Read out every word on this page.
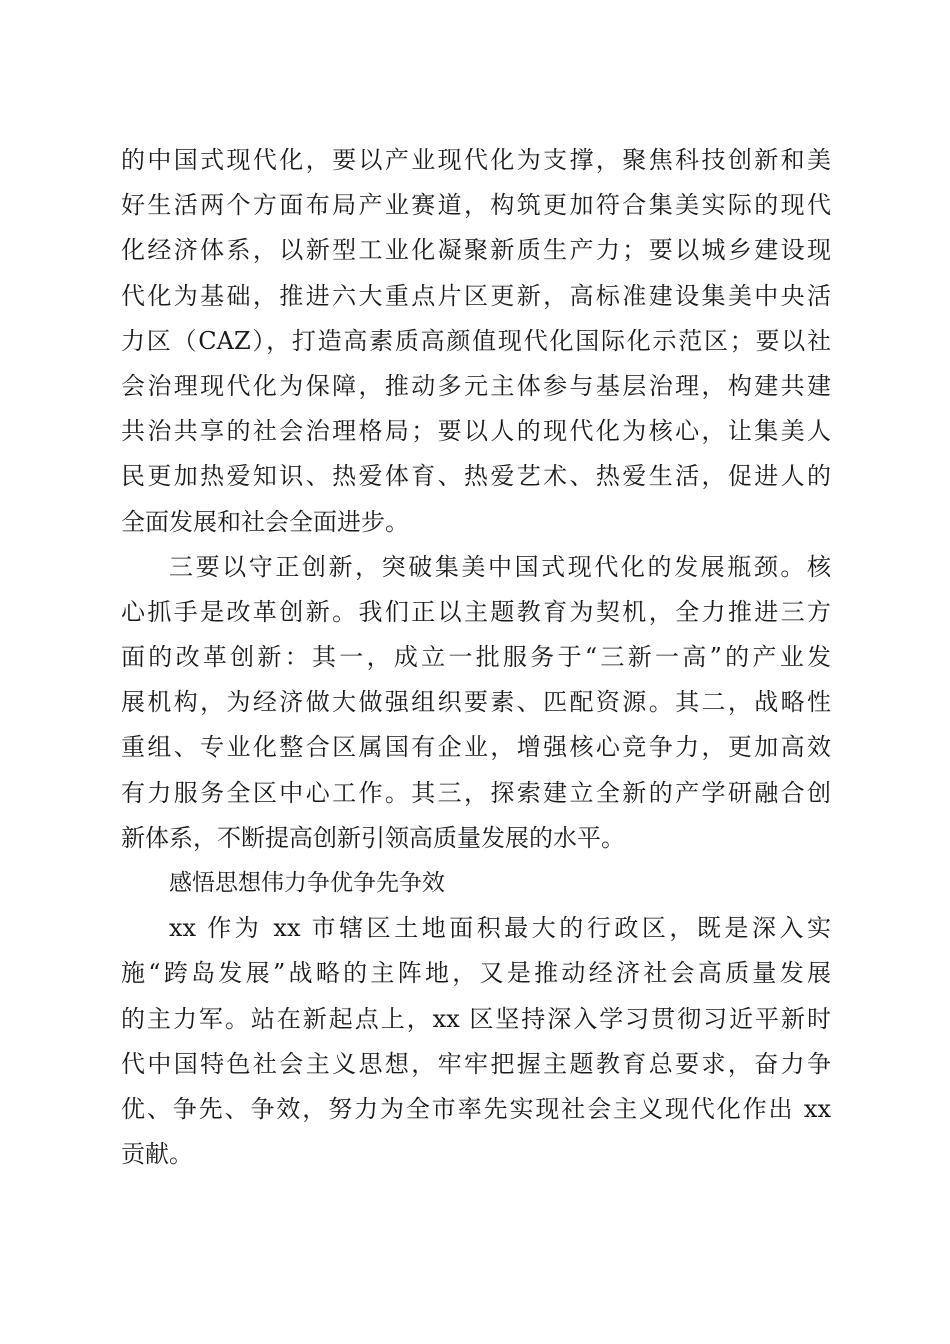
的中国式现代化，要以产业现代化为支撑，聚焦科技创新和美
好生活两个方面布局产业赛道，构筑更加符合集美实际的现代
化经济体系，以新型工业化凝聚新质生产力；要以城乡建设现
代化为基础，推进六大重点片区更新，高标准建设集美中央活
力区（CAZ），打造高素质高颜值现代化国际化示范区；要以社
会治理现代化为保障，推动多元主体参与基层治理，构建共建
共治共享的社会治理格局；要以人的现代化为核心，让集美人
民更加热爱知识、热爱体育、热爱艺术、热爱生活，促进人的
全面发展和社会全面进步。
三要以守正创新，突破集美中国式现代化的发展瓶颈。核
心抓手是改革创新。我们正以主题教育为契机，全力推进三方
面的改革创新：其一，成立一批服务于“三新一高”的产业发
展机构，为经济做大做强组织要素、匹配资源。其二，战略性
重组、专业化整合区属国有企业，增强核心竞争力，更加高效
有力服务全区中心工作。其三，探索建立全新的产学研融合创
新体系，不断提高创新引领高质量发展的水平。
感悟思想伟力争优争先争效
xx 作为 xx 市辖区土地面积最大的行政区，既是深入实
施“跨岛发展”战略的主阵地，又是推动经济社会高质量发展
的主力军。站在新起点上，xx 区坚持深入学习贯彻习近平新时
代中国特色社会主义思想，牢牢把握主题教育总要求，奋力争
优、争先、争效，努力为全市率先实现社会主义现代化作出 xx
贡献。
